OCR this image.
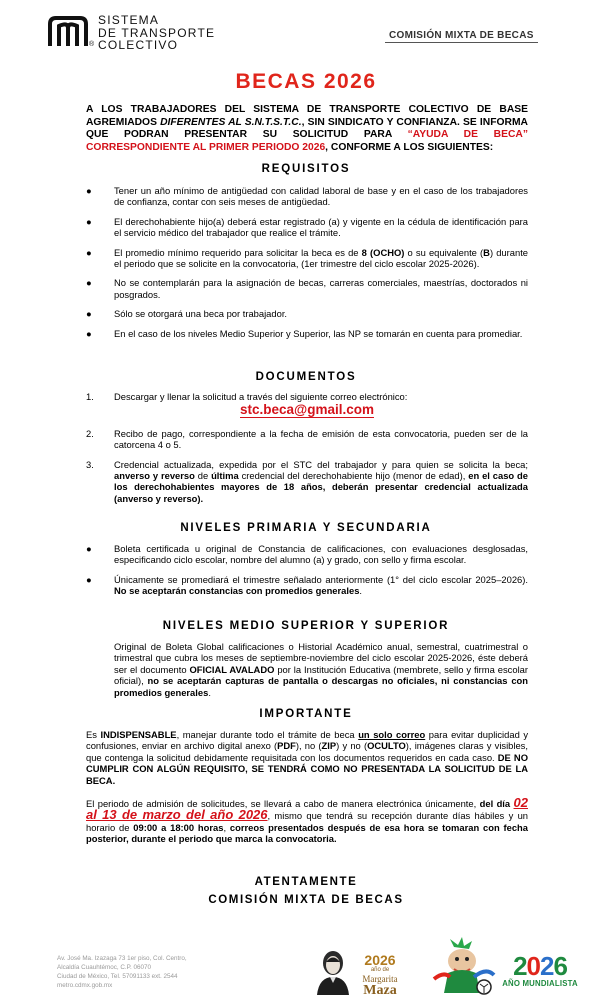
SISTEMA
DE TRANSPORTE
COLECTIVO
®
COMISIÓN MIXTA DE BECAS
BECAS 2026
A LOS TRABAJADORES DEL SISTEMA DE TRANSPORTE COLECTIVO DE BASE AGREMIADOS DIFERENTES AL S.N.T.S.T.C., SIN SINDICATO Y CONFIANZA. SE INFORMA QUE PODRAN PRESENTAR SU SOLICITUD PARA “AYUDA DE BECA” CORRESPONDIENTE AL PRIMER PERIODO 2026, CONFORME A LOS SIGUIENTES:
REQUISITOS
● Tener un año mínimo de antigüedad con calidad laboral de base y en el caso de los trabajadores de confianza, contar con seis meses de antigüedad.
● El derechohabiente hijo(a) deberá estar registrado (a) y vigente en la cédula de identificación para el servicio médico del trabajador que realice el trámite.
● El promedio mínimo requerido para solicitar la beca es de 8 (OCHO) o su equivalente (B) durante el periodo que se solicite en la convocatoria, (1er trimestre del ciclo escolar 2025-2026).
● No se contemplarán para la asignación de becas, carreras comerciales, maestrías, doctorados ni posgrados.
● Sólo se otorgará una beca por trabajador.
● En el caso de los niveles Medio Superior y Superior, las NP se tomarán en cuenta para promediar.
DOCUMENTOS
1. Descargar y llenar la solicitud a través del siguiente correo electrónico:
stc.beca@gmail.com
2. Recibo de pago, correspondiente a la fecha de emisión de esta convocatoria, pueden ser de la catorcena 4 o 5.
3. Credencial actualizada, expedida por el STC del trabajador y para quien se solicita la beca; anverso y reverso de última credencial del derechohabiente hijo (menor de edad), en el caso de los derechohabientes mayores de 18 años, deberán presentar credencial actualizada (anverso y reverso).
NIVELES PRIMARIA Y SECUNDARIA
● Boleta certificada u original de Constancia de calificaciones, con evaluaciones desglosadas, especificando ciclo escolar, nombre del alumno (a) y grado, con sello y firma escolar.
● Únicamente se promediará el trimestre señalado anteriormente (1° del ciclo escolar 2025–2026). No se aceptarán constancias con promedios generales.
NIVELES MEDIO SUPERIOR Y SUPERIOR
Original de Boleta Global calificaciones o Historial Académico anual, semestral, cuatrimestral o trimestral que cubra los meses de septiembre-noviembre del ciclo escolar 2025-2026, éste deberá ser el documento OFICIAL AVALADO por la Institución Educativa (membrete, sello y firma escolar oficial), no se aceptarán capturas de pantalla o descargas no oficiales, ni constancias con promedios generales.
IMPORTANTE
Es INDISPENSABLE, manejar durante todo el trámite de beca un solo correo para evitar duplicidad y confusiones, enviar en archivo digital anexo (PDF), no (ZIP) y no (OCULTO), imágenes claras y visibles, que contenga la solicitud debidamente requisitada con los documentos requeridos en cada caso. DE NO CUMPLIR CON ALGÚN REQUISITO, SE TENDRÁ COMO NO PRESENTADA LA SOLICITUD DE LA BECA.
El periodo de admisión de solicitudes, se llevará a cabo de manera electrónica únicamente, del día 02 al 13 de marzo del año 2026, mismo que tendrá su recepción durante días hábiles y un horario de 09:00 a 18:00 horas, correos presentados después de esa hora se tomaran con fecha posterior, durante el periodo que marca la convocatoria.
ATENTAMENTE
COMISIÓN MIXTA DE BECAS
Av. José Ma. Izazaga 73 1er piso, Col. Centro,
Alcaldía Cuauhtémoc, C.P. 06070
Ciudad de México, Tel. 57091133 ext. 2544
metro.cdmx.gob.mx
2026
año de
Margarita
Maza
2026
AÑO MUNDIALISTA
